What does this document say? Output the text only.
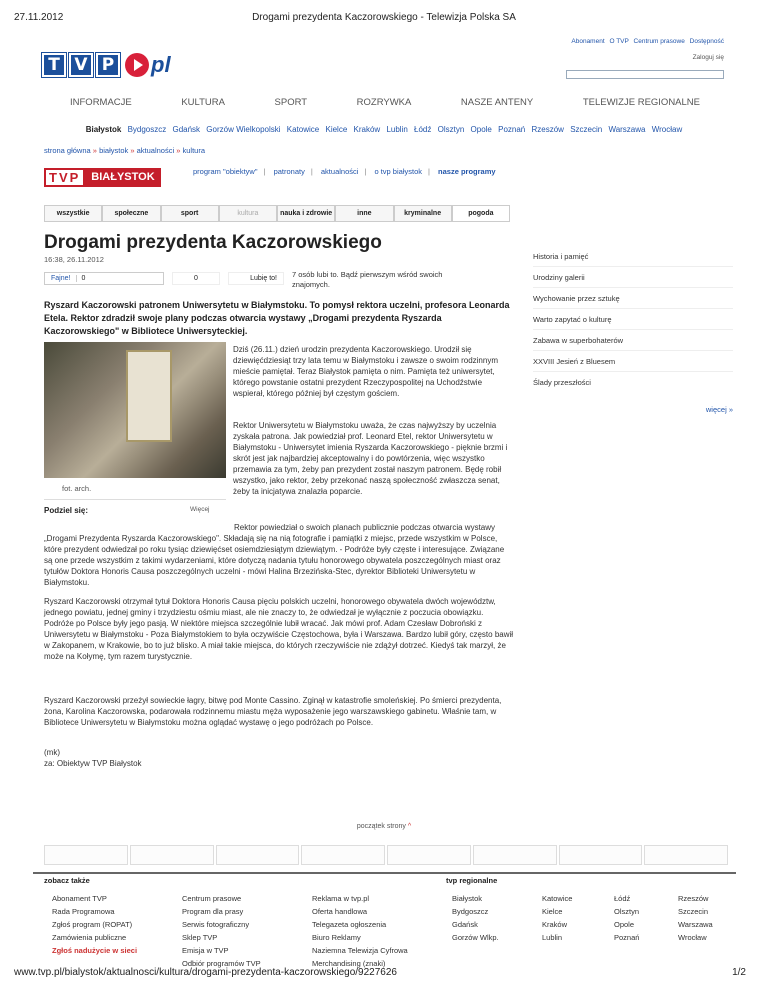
27.11.2012	Drogami prezydenta Kaczorowskiego - Telewizja Polska SA
Abonament O TVP Centrum prasowe Dostępność
Zaloguj się
T V P pl
INFORMACJE	KULTURA	SPORT	ROZRYWKA	NASZE ANTENY	TELEWIZJE REGIONALNE
Białystok Bydgoszcz Gdańsk Gorzów Wielkopolski Katowice Kielce Kraków Lublin Łódź Olsztyn Opole Poznań Rzeszów Szczecin Warszawa Wrocław
strona główna » białystok » aktualności » kultura
TVP	BIAŁYSTOK	program "obiektyw" | patronaty | aktualności | o tvp białystok | nasze programy
wszystkie	społeczne	sport	kultura	nauka i zdrowie	inne	kryminalne	pogoda
Drogami prezydenta Kaczorowskiego
16:38, 26.11.2012
Fajne!	0	0	Lubię to!	7 osób lubi to. Bądź pierwszym wśród swoich znajomych.
Ryszard Kaczorowski patronem Uniwersytetu w Białymstoku. To pomysł rektora uczelni, profesora Leonarda Etela. Rektor zdradził swoje plany podczas otwarcia wystawy „Drogami prezydenta Ryszarda Kaczorowskiego" w Bibliotece Uniwersyteckiej.
fot. arch.
Podziel się:	Więcej
Dziś (26.11.) dzień urodzin prezydenta Kaczorowskiego. Urodził się dziewięćdziesiąt trzy lata temu w Białymstoku i zawsze o swoim rodzinnym mieście pamiętał. Teraz Białystok pamięta o nim. Pamięta też uniwersytet, którego powstanie ostatni prezydent Rzeczypospolitej na Uchodźstwie wspierał, którego później był częstym gościem.
Rektor Uniwersytetu w Białymstoku uważa, że czas najwyższy by uczelnia zyskała patrona. Jak powiedział prof. Leonard Etel, rektor Uniwersytetu w Białymstoku - Uniwersytet imienia Ryszarda Kaczorowskiego - pięknie brzmi i skrót jest jak najbardziej akceptowalny i do powtórzenia, więc wszystko przemawia za tym, żeby pan prezydent został naszym patronem. Będę robił wszystko, jako rektor, żeby przekonać naszą społeczność zwłaszcza senat, żeby ta inicjatywa znalazła poparcie.
Rektor powiedział o swoich planach publicznie podczas otwarcia wystawy „Drogami Prezydenta Ryszarda Kaczorowskiego". Składają się na nią fotografie i pamiątki z miejsc, przede wszystkim w Polsce, które prezydent odwiedzał po roku tysiąc dziewięćset osiemdziesiątym dziewiątym. - Podróże były częste i interesujące. Związane są one przede wszystkim z takimi wydarzeniami, które dotyczą nadania tytułu honorowego obywatela poszczególnych miast oraz tytułów Doktora Honoris Causa poszczególnych uczelni - mówi Halina Brzezińska-Stec, dyrektor Biblioteki Uniwersytetu w Białymstoku.
Ryszard Kaczorowski otrzymał tytuł Doktora Honoris Causa pięciu polskich uczelni, honorowego obywatela dwóch województw, jednego powiatu, jednej gminy i trzydziestu ośmiu miast, ale nie znaczy to, że odwiedzał je wyłącznie z poczucia obowiązku. Podróże po Polsce były jego pasją. W niektóre miejsca szczególnie lubił wracać. Jak mówi prof. Adam Czesław Dobroński z Uniwersytetu w Białymstoku - Poza Białymstokiem to była oczywiście Częstochowa, była i Warszawa. Bardzo lubił góry, często bawił w Zakopanem, w Krakowie, bo to już blisko. A miał takie miejsca, do których rzeczywiście nie zdążył dotrzeć. Kiedyś tak marzył, że może na Kołymę, tym razem turystycznie.
Ryszard Kaczorowski przeżył sowieckie łagry, bitwę pod Monte Cassino. Zginął w katastrofie smoleńskiej. Po śmierci prezydenta, żona, Karolina Kaczorowska, podarowała rodzinnemu miastu męża wyposażenie jego warszawskiego gabinetu. Właśnie tam, w Bibliotece Uniwersytetu w Białymstoku można oglądać wystawę o jego podróżach po Polsce.
(mk)
za: Obiektyw TVP Białystok
Historia i pamięć
Urodziny galerii
Wychowanie przez sztukę
Warto zapytać o kulturę
Zabawa w superbohaterów
XXVIII Jesień z Bluesem
Ślady przeszłości
więcej »
początek strony ^
zobacz także	tvp regionalne
Abonament TVP
Rada Programowa
Zgłoś program (ROPAT)
Zamówienia publiczne
Zgłoś nadużycie w sieci
Centrum prasowe
Program dla prasy
Serwis fotograficzny
Sklep TVP
Emisja w TVP
Odbiór programów TVP
Reklama w tvp.pl
Oferta handlowa
Telegazeta ogłoszenia
Biuro Reklamy
Naziemna Telewizja Cyfrowa
Merchandising (znaki)
Białystok
Bydgoszcz
Gdańsk
Gorzów Wlkp.
Katowice
Kielce
Kraków
Lublin
Łódź
Olsztyn
Opole
Poznań
Rzeszów
Szczecin
Warszawa
Wrocław
www.tvp.pl/bialystok/aktualnosci/kultura/drogami-prezydenta-kaczorowskiego/9227626	1/2
